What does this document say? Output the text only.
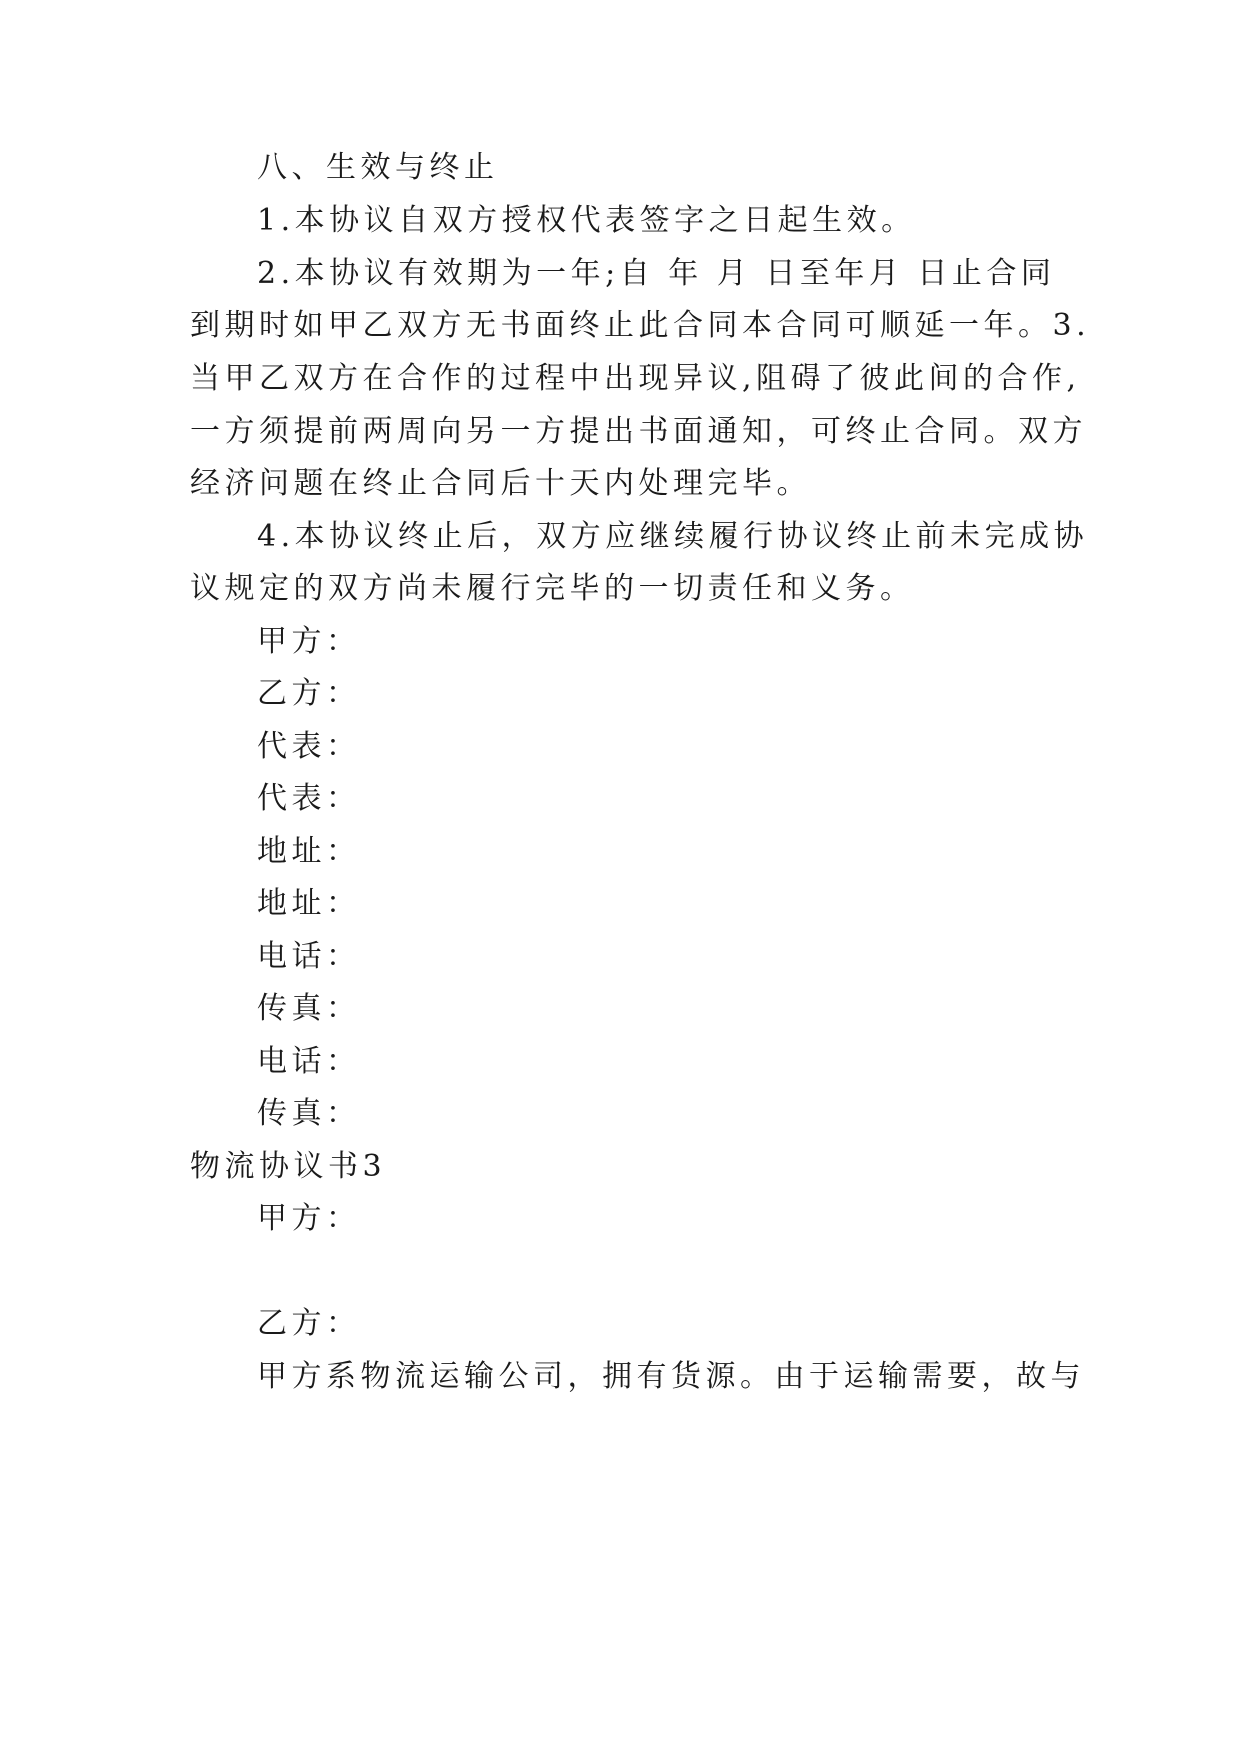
八、生效与终止
1.本协议自双方授权代表签字之日起生效。
2.本协议有效期为一年;自 年 月 日至年月 日止合同
到期时如甲乙双方无书面终止此合同本合同可顺延一年。3.
当甲乙双方在合作的过程中出现异议,阻碍了彼此间的合作,
一方须提前两周向另一方提出书面通知，可终止合同。双方
经济问题在终止合同后十天内处理完毕。
4.本协议终止后，双方应继续履行协议终止前未完成协
议规定的双方尚未履行完毕的一切责任和义务。
甲方：
乙方：
代表：
代表：
地址：
地址：
电话：
传真：
电话：
传真：
物流协议书3
甲方：
乙方：
甲方系物流运输公司，拥有货源。由于运输需要，故与
